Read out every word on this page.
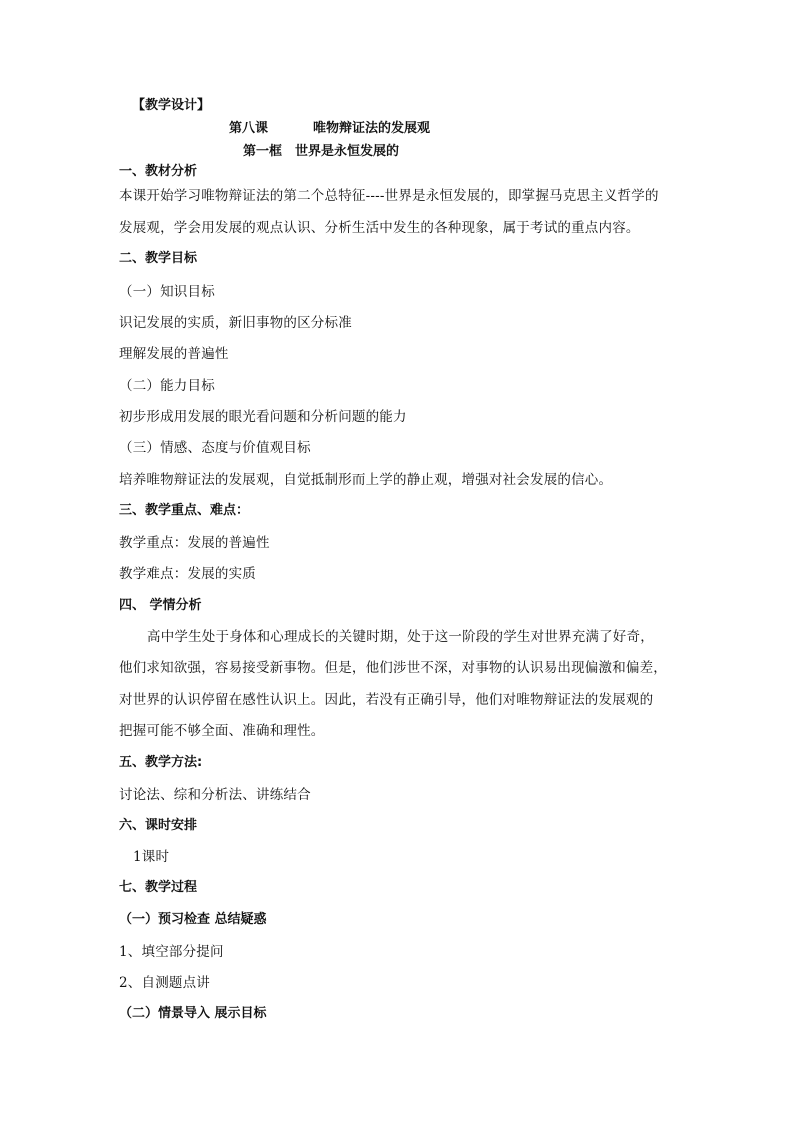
【教学设计】
第八课	唯物辩证法的发展观
第一框　世界是永恒发展的
一、教材分析
本课开始学习唯物辩证法的第二个总特征----世界是永恒发展的，即掌握马克思主义哲学的
发展观，学会用发展的观点认识、分析生活中发生的各种现象，属于考试的重点内容。
二、教学目标
（一）知识目标
识记发展的实质，新旧事物的区分标准
理解发展的普遍性
（二）能力目标
初步形成用发展的眼光看问题和分析问题的能力
（三）情感、态度与价值观目标
培养唯物辩证法的发展观，自觉抵制形而上学的静止观，增强对社会发展的信心。
三、教学重点、难点：
教学重点：发展的普遍性
教学难点：发展的实质
四、 学情分析
高中学生处于身体和心理成长的关键时期，处于这一阶段的学生对世界充满了好奇，
他们求知欲强，容易接受新事物。但是，他们涉世不深，对事物的认识易出现偏激和偏差，
对世界的认识停留在感性认识上。因此，若没有正确引导，他们对唯物辩证法的发展观的
把握可能不够全面、准确和理性。
五、教学方法:
讨论法、综和分析法、讲练结合
六、课时安排
1课时
七、教学过程
（一）预习检查 总结疑惑
1、填空部分提问
2、自测题点讲
（二）情景导入 展示目标
